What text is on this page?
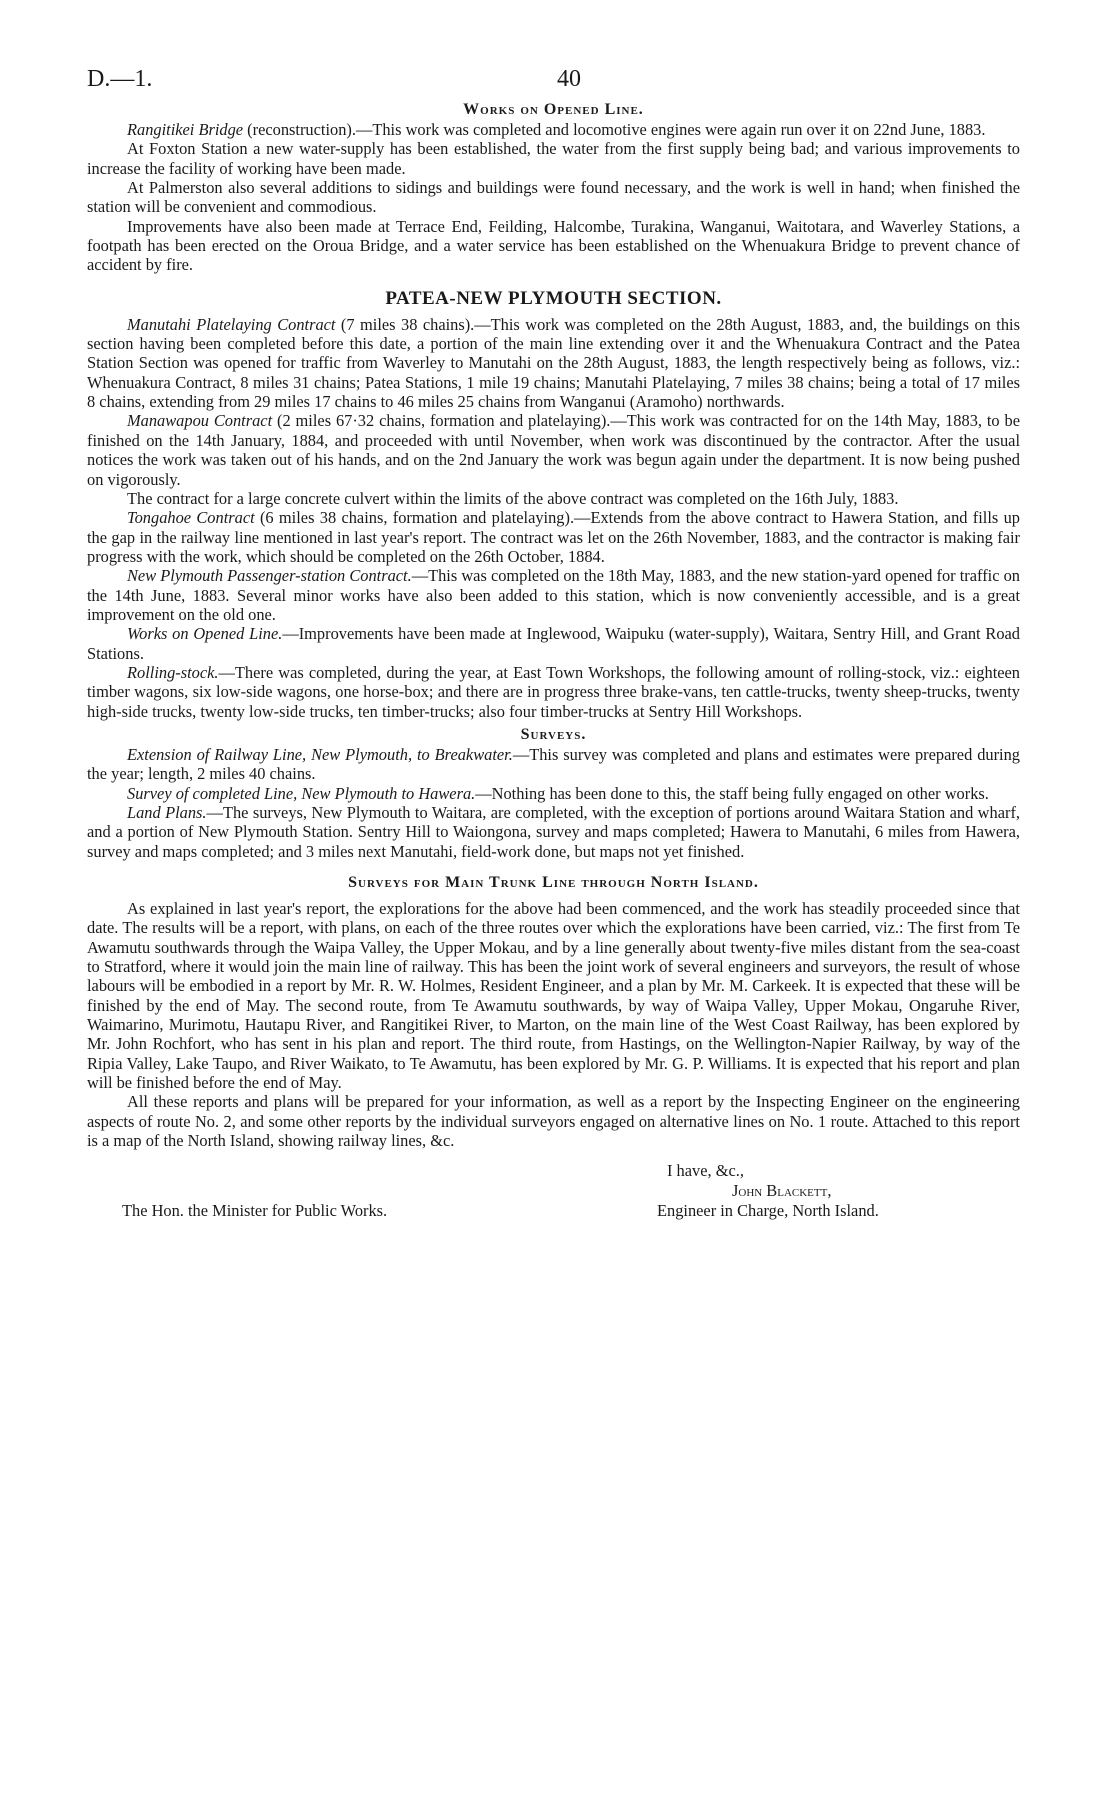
D.—1.	40
Works on Opened Line.

Rangitikei Bridge (reconstruction).—This work was completed and locomotive engines were again run over it on 22nd June, 1883.

At Foxton Station a new water-supply has been established, the water from the first supply being bad; and various improvements to increase the facility of working have been made.

At Palmerston also several additions to sidings and buildings were found necessary, and the work is well in hand; when finished the station will be convenient and commodious.

Improvements have also been made at Terrace End, Feilding, Halcombe, Turakina, Wanganui, Waitotara, and Waverley Stations, a footpath has been erected on the Oroua Bridge, and a water service has been established on the Whenuakura Bridge to prevent chance of accident by fire.

PATEA-NEW PLYMOUTH SECTION.

Manutahi Platelaying Contract (7 miles 38 chains).—This work was completed on the 28th August, 1883, and, the buildings on this section having been completed before this date, a portion of the main line extending over it and the Whenuakura Contract and the Patea Station Section was opened for traffic from Waverley to Manutahi on the 28th August, 1883, the length respectively being as follows, viz.: Whenuakura Contract, 8 miles 31 chains; Patea Stations, 1 mile 19 chains; Manutahi Platelaying, 7 miles 38 chains; being a total of 17 miles 8 chains, extending from 29 miles 17 chains to 46 miles 25 chains from Wanganui (Aramoho) northwards.

Manawapou Contract (2 miles 67·32 chains, formation and platelaying).—This work was contracted for on the 14th May, 1883, to be finished on the 14th January, 1884, and proceeded with until November, when work was discontinued by the contractor. After the usual notices the work was taken out of his hands, and on the 2nd January the work was begun again under the department. It is now being pushed on vigorously.

The contract for a large concrete culvert within the limits of the above contract was completed on the 16th July, 1883.

Tongahoe Contract (6 miles 38 chains, formation and platelaying).—Extends from the above contract to Hawera Station, and fills up the gap in the railway line mentioned in last year's report. The contract was let on the 26th November, 1883, and the contractor is making fair progress with the work, which should be completed on the 26th October, 1884.

New Plymouth Passenger-station Contract.—This was completed on the 18th May, 1883, and the new station-yard opened for traffic on the 14th June, 1883. Several minor works have also been added to this station, which is now conveniently accessible, and is a great improvement on the old one.

Works on Opened Line.—Improvements have been made at Inglewood, Waipuku (water-supply), Waitara, Sentry Hill, and Grant Road Stations.

Rolling-stock.—There was completed, during the year, at East Town Workshops, the following amount of rolling-stock, viz.: eighteen timber wagons, six low-side wagons, one horse-box; and there are in progress three brake-vans, ten cattle-trucks, twenty sheep-trucks, twenty high-side trucks, twenty low-side trucks, ten timber-trucks; also four timber-trucks at Sentry Hill Workshops.

Surveys.

Extension of Railway Line, New Plymouth, to Breakwater.—This survey was completed and plans and estimates were prepared during the year; length, 2 miles 40 chains.

Survey of completed Line, New Plymouth to Hawera.—Nothing has been done to this, the staff being fully engaged on other works.

Land Plans.—The surveys, New Plymouth to Waitara, are completed, with the exception of portions around Waitara Station and wharf, and a portion of New Plymouth Station. Sentry Hill to Waiongona, survey and maps completed; Hawera to Manutahi, 6 miles from Hawera, survey and maps completed; and 3 miles next Manutahi, field-work done, but maps not yet finished.

Surveys for Main Trunk Line through North Island.

As explained in last year's report, the explorations for the above had been commenced, and the work has steadily proceeded since that date. The results will be a report, with plans, on each of the three routes over which the explorations have been carried, viz.: The first from Te Awamutu southwards through the Waipa Valley, the Upper Mokau, and by a line generally about twenty-five miles distant from the sea-coast to Stratford, where it would join the main line of railway. This has been the joint work of several engineers and surveyors, the result of whose labours will be embodied in a report by Mr. R. W. Holmes, Resident Engineer, and a plan by Mr. M. Carkeek. It is expected that these will be finished by the end of May. The second route, from Te Awamutu southwards, by way of Waipa Valley, Upper Mokau, Ongaruhe River, Waimarino, Murimotu, Hautapu River, and Rangitikei River, to Marton, on the main line of the West Coast Railway, has been explored by Mr. John Rochfort, who has sent in his plan and report. The third route, from Hastings, on the Wellington-Napier Railway, by way of the Ripia Valley, Lake Taupo, and River Waikato, to Te Awamutu, has been explored by Mr. G. P. Williams. It is expected that his report and plan will be finished before the end of May.

All these reports and plans will be prepared for your information, as well as a report by the Inspecting Engineer on the engineering aspects of route No. 2, and some other reports by the individual surveyors engaged on alternative lines on No. 1 route. Attached to this report is a map of the North Island, showing railway lines, &c.

I have, &c.,
John Blackett,
Engineer in Charge, North Island.
The Hon. the Minister for Public Works.
